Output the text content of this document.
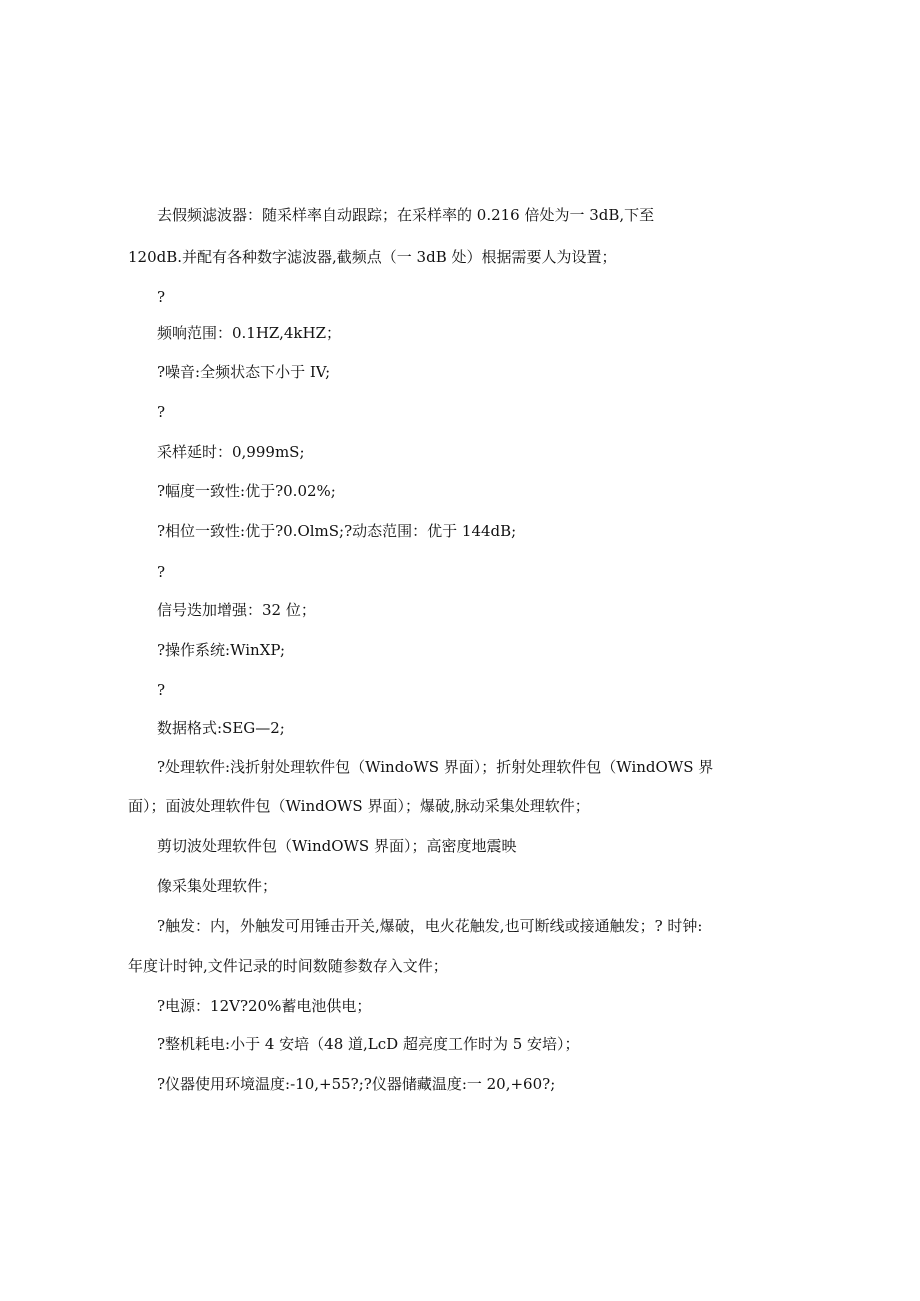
去假频滤波器：随采样率自动跟踪；在采样率的 0.216 倍处为一 3dB,下至
120dB.并配有各种数字滤波器,截频点（一 3dB 处）根据需要人为设置；
?
频响范围：0.1HZ,4kHZ；
?噪音:全频状态下小于 IV;
?
采样延时：0,999mS;
?幅度一致性:优于?0.02%;
?相位一致性:优于?0.OlmS;?动态范围：优于 144dB;
?
信号迭加增强：32 位；
?操作系统:WinXP;
?
数据格式:SEG—2;
?处理软件:浅折射处理软件包（WindoWS 界面）；折射处理软件包（WindOWS 界
面）；面波处理软件包（WindOWS 界面）；爆破,脉动采集处理软件；
剪切波处理软件包（WindOWS 界面）；高密度地震映
像采集处理软件；
?触发：内，外触发可用锤击开关,爆破，电火花触发,也可断线或接通触发；? 时钟:
年度计时钟,文件记录的时间数随参数存入文件；
?电源：12V?20%蓄电池供电；
?整机耗电:小于 4 安培（48 道,LcD 超亮度工作时为 5 安培）；
?仪器使用环境温度:-10,+55?;?仪器储藏温度:一 20,+60?;
